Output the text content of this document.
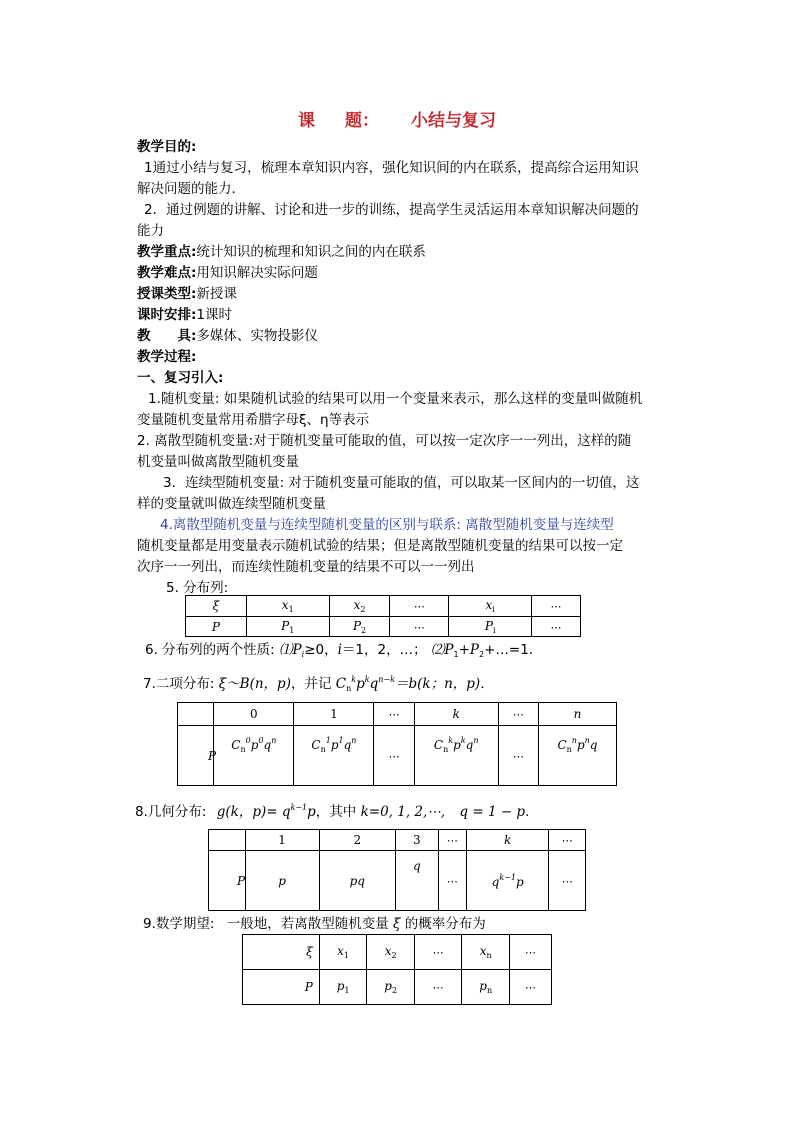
课 题： 小结与复习
教学目的:
1通过小结与复习，梳理本章知识内容，强化知识间的内在联系，提高综合运用知识
解决问题的能力．
2．通过例题的讲解、讨论和进一步的训练，提高学生灵活运用本章知识解决问题的
能力
教学重点:统计知识的梳理和知识之间的内在联系
教学难点:用知识解决实际问题
授课类型:新授课
课时安排:1课时
教　　具:多媒体、实物投影仪
教学过程:
一、复习引入:
1.随机变量: 如果随机试验的结果可以用一个变量来表示，那么这样的变量叫做随机
变量随机变量常用希腊字母ξ、η等表示
2. 离散型随机变量:对于随机变量可能取的值，可以按一定次序一一列出，这样的随
机变量叫做离散型随机变量
3．连续型随机变量: 对于随机变量可能取的值，可以取某一区间内的一切值，这
样的变量就叫做连续型随机变量
4.离散型随机变量与连续型随机变量的区别与联系: 离散型随机变量与连续型
随机变量都是用变量表示随机试验的结果；但是离散型随机变量的结果可以按一定
次序一一列出，而连续性随机变量的结果不可以一一列出
5. 分布列:
ξ	$x_1$	$x_2$	⋯	$x_i$	⋯
P	$P_1$	$P_2$	⋯	$P_i$	⋯
6. 分布列的两个性质: $⑴P_i\ge 0$，i＝1，2，…； $⑵P_1+P_2+\dots=1$．
7.二项分布: ξ～B(n，p)，并记 $C_n^kp^kq^{n-k}=b(k$；n，p)．
	0	1	⋯	k	⋯	n
P	$C_n^0p^0q^n$	$C_n^1p^1q^n$	⋯	$C_n^kp^kq^n$	⋯	$C_n^np^nq$
8.几何分布: g(k，$p)= q^{k-1}p$，其中 k=0, 1, 2,⋯, q = 1 − p．
	1	2	3	⋯	k	⋯
P	p	pq	q	⋯	$q^{k-1}p$	⋯
9.数学期望: 一般地，若离散型随机变量 ξ 的概率分布为
ξ	$x_1$	$x_2$	⋯	$x_n$	⋯
P	$p_1$	$p_2$	⋯	$p_n$	⋯
